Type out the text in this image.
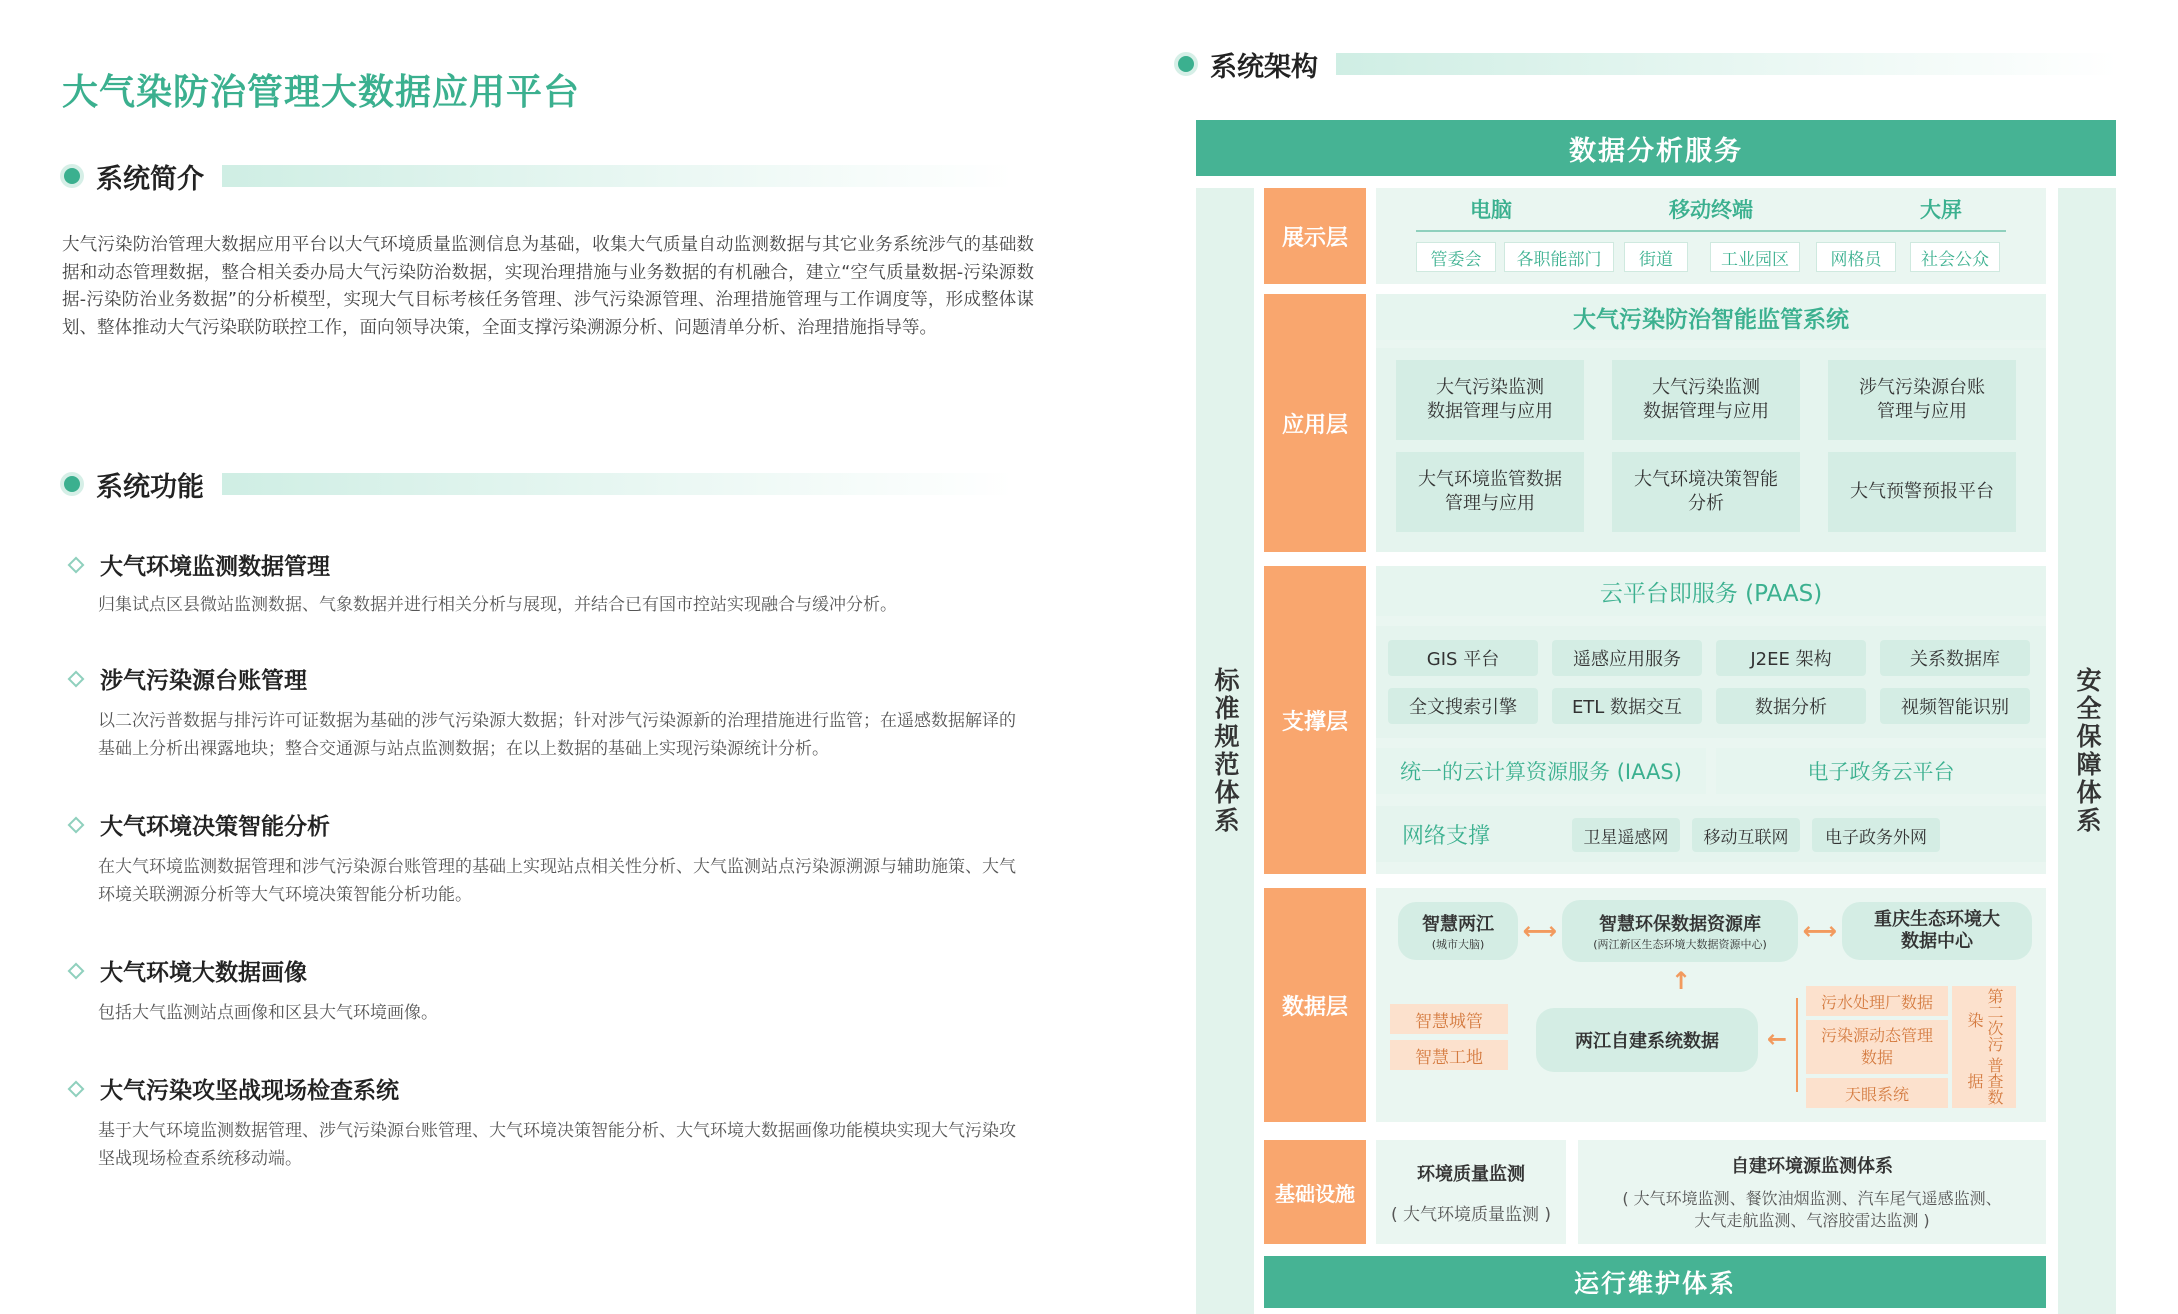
大气染防治管理大数据应用平台
系统简介
大气污染防治管理大数据应用平台以大气环境质量监测信息为基础，收集大气质量自动监测数据与其它业务系统涉气的基础数据和动态管理数据，整合相关委办局大气污染防治数据，实现治理措施与业务数据的有机融合，建立“空气质量数据-污染源数据-污染防治业务数据”的分析模型，实现大气目标考核任务管理、涉气污染源管理、治理措施管理与工作调度等，形成整体谋划、整体推动大气污染联防联控工作，面向领导决策，全面支撑污染溯源分析、问题清单分析、治理措施指导等。
系统功能
大气环境监测数据管理
归集试点区县微站监测数据、气象数据并进行相关分析与展现，并结合已有国市控站实现融合与缓冲分析。
涉气污染源台账管理
以二次污普数据与排污许可证数据为基础的涉气污染源大数据；针对涉气污染源新的治理措施进行监管；在遥感数据解译的基础上分析出裸露地块；整合交通源与站点监测数据；在以上数据的基础上实现污染源统计分析。
大气环境决策智能分析
在大气环境监测数据管理和涉气污染源台账管理的基础上实现站点相关性分析、大气监测站点污染源溯源与辅助施策、大气环境关联溯源分析等大气环境决策智能分析功能。
大气环境大数据画像
包括大气监测站点画像和区县大气环境画像。
大气污染攻坚战现场检查系统
基于大气环境监测数据管理、涉气污染源台账管理、大气环境决策智能分析、大气环境大数据画像功能模块实现大气污染攻坚战现场检查系统移动端。
系统架构
数据分析服务
标准规范体系	安全保障体系
展示层
电脑	移动终端	大屏
管委会	各职能部门	街道	工业园区	网格员	社会公众
应用层
大气污染防治智能监管系统
大气污染监测
数据管理与应用
大气污染监测
数据管理与应用
涉气污染源台账
管理与应用
大气环境监管数据
管理与应用
大气环境决策智能
分析
大气预警预报平台
支撑层
云平台即服务 (PAAS)
GIS 平台	遥感应用服务	J2EE 架构	关系数据库
全文搜索引擎	ETL 数据交互	数据分析	视频智能识别
统一的云计算资源服务 (IAAS)	电子政务云平台
网络支撑	卫星遥感网	移动互联网	电子政务外网
数据层
智慧两江
(城市大脑) ⟷ 智慧环保数据资源库
(两江新区生态环境大数据资源中心) ⟷	重庆生态环境大
数据中心
↑
智慧城管
智慧工地
两江自建系统数据	←
污水处理厂数据
污染源动态管理
数据
天眼系统
第二次污染
普查数据
基础设施
环境质量监测
( 大气环境质量监测 )
自建环境源监测体系
( 大气环境监测、餐饮油烟监测、汽车尾气遥感监测、
大气走航监测、气溶胶雷达监测 )
运行维护体系
